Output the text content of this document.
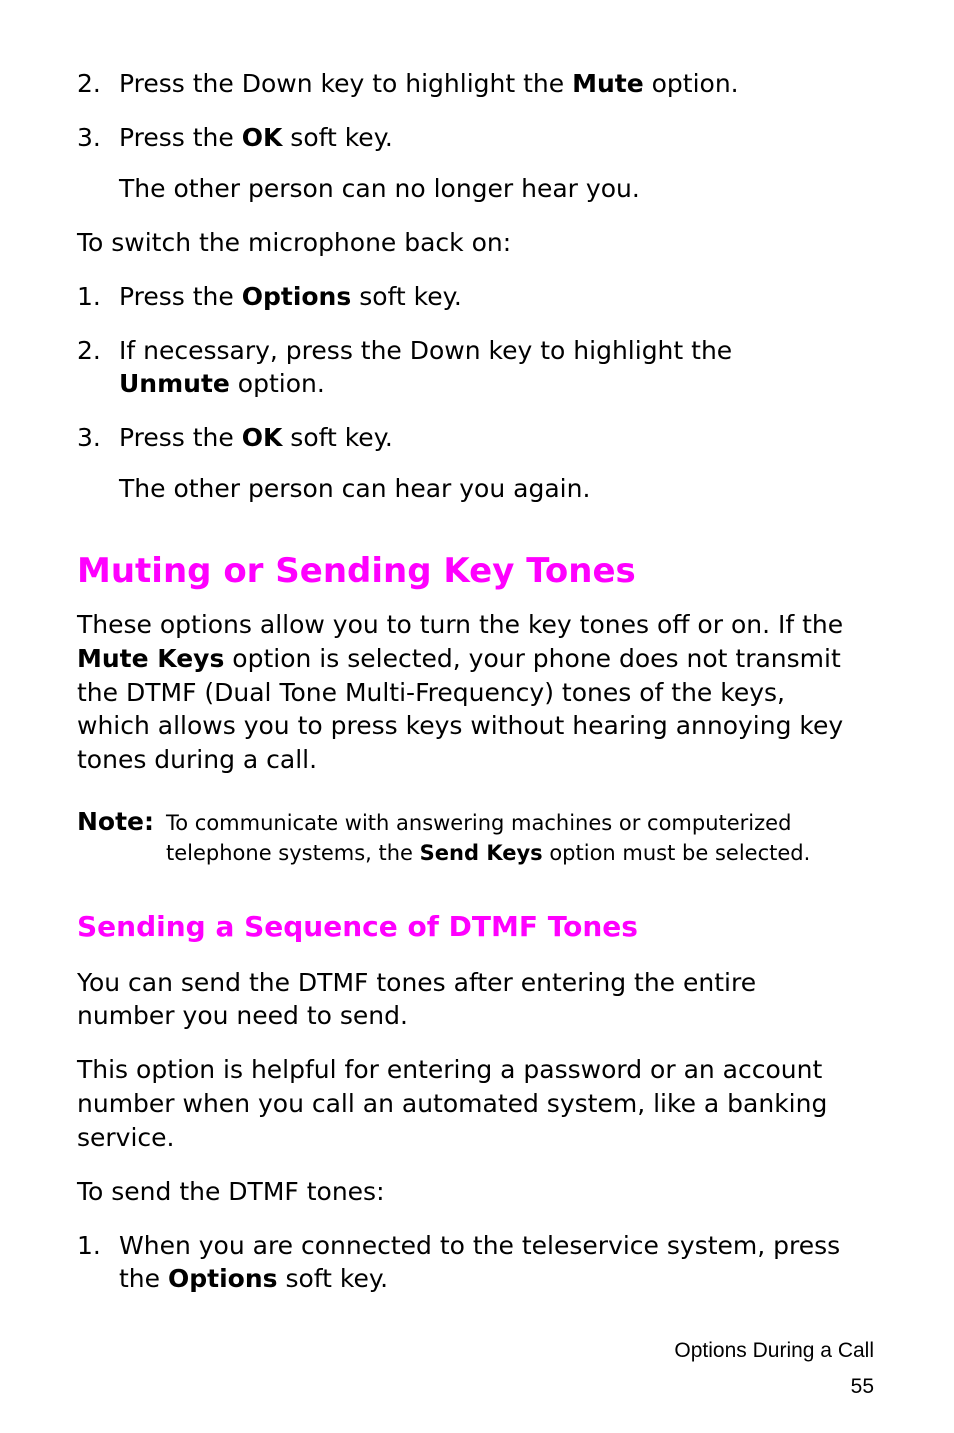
2. Press the Down key to highlight the Mute option.

3. Press the OK soft key.

The other person can no longer hear you.

To switch the microphone back on:

1. Press the Options soft key.

2. If necessary, press the Down key to highlight the

Unmute option.

3. Press the OK soft key.

The other person can hear you again.

Muting or Sending Key Tones

These options allow you to turn the key tones off or on. If the

Mute Keys option is selected, your phone does not transmit

the DTMF (Dual Tone Multi-Frequency) tones of the keys,

which allows you to press keys without hearing annoying key

tones during a call.

Note: To communicate with answering machines or computerized
telephone systems, the Send Keys option must be selected.
Sending a Sequence of DTMF Tones

You can send the DTMF tones after entering the entire

number you need to send.

This option is helpful for entering a password or an account

number when you call an automated system, like a banking

service.

To send the DTMF tones:

1. When you are connected to the teleservice system, press

the Options soft key.

Options During a Call
55
